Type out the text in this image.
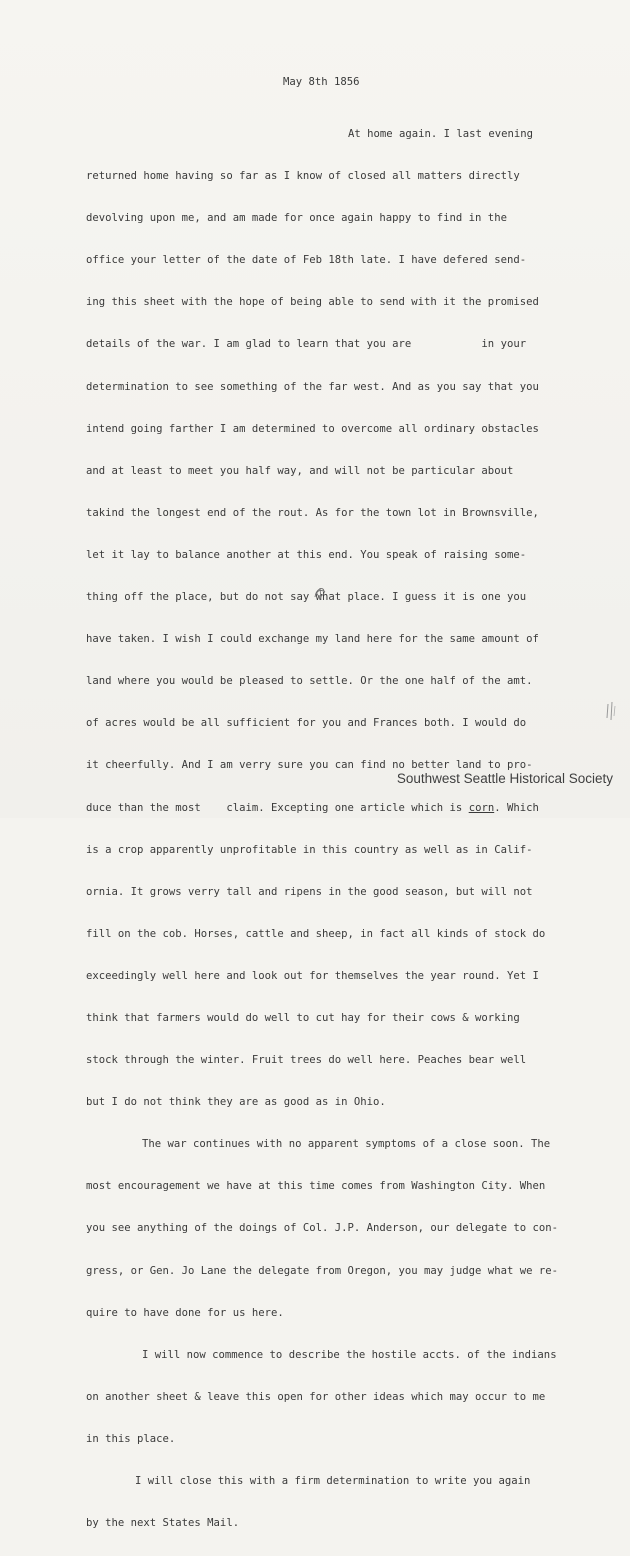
May 8th 1856

At home again. I last evening

returned home having so far as I know of closed all matters directly

devolving upon me, and am made for once again happy to find in the

office your letter of the date of Feb 18th late. I have defered send-

ing this sheet with the hope of being able to send with it the promised

details of the war. I am glad to learn that you are           in your

determination to see something of the far west. And as you say that you

intend going farther I am determined to overcome all ordinary obstacles

and at least to meet you half way, and will not be particular about

takind the longest end of the rout. As for the town lot in Brownsville,

let it lay to balance another at this end. You speak of raising some-

thing off the place, but do not say what place. I guess it is one you

have taken. I wish I could exchange my land here for the same amount of

land where you would be pleased to settle. Or the one half of the amt.

of acres would be all sufficient for you and Frances both. I would do

it cheerfully. And I am verry sure you can find no better land to pro-

duce than the most    claim. Excepting one article which is corn. Which

is a crop apparently unprofitable in this country as well as in Calif-

ornia. It grows verry tall and ripens in the good season, but will not

fill on the cob. Horses, cattle and sheep, in fact all kinds of stock do

exceedingly well here and look out for themselves the year round. Yet I

think that farmers would do well to cut hay for their cows & working

stock through the winter. Fruit trees do well here. Peaches bear well

but I do not think they are as good as in Ohio.

The war continues with no apparent symptoms of a close soon. The

most encouragement we have at this time comes from Washington City. When

you see anything of the doings of Col. J.P. Anderson, our delegate to con-

gress, or Gen. Jo Lane the delegate from Oregon, you may judge what we re-

quire to have done for us here.

I will now commence to describe the hostile accts. of the indians

on another sheet & leave this open for other ideas which may occur to me

in this place.

I will close this with a firm determination to write you again

by the next States Mail.

Southwest Seattle Historical Society
